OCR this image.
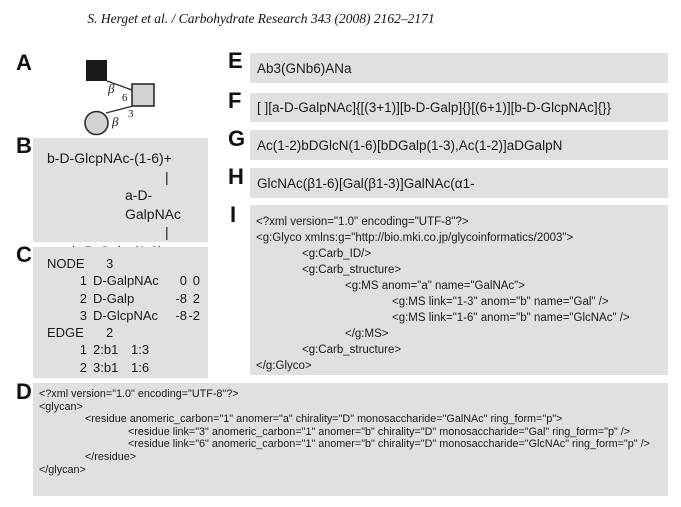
S. Herget et al. / Carbohydrate Research 343 (2008) 2162–2171
A
β
6
3
β
B	b-D-GlcpNAc-(1-6)+
|
a-D-GalpNAc
|
C NODE	3
1 D-GalpNAc	0 0
2 D-Galp	-8 2
3 D-GlcpNAc	-8 -2
EDGE	2
1 2:b1 1:3
2 3:b1 1:6
D <?xml version="1.0" encoding="UTF-8"?>
<glycan>
<residue anomeric_carbon="1" anomer="a" chirality="D" monosaccharide="GalNAc" ring_form="p">
<residue link="3" anomeric_carbon="1" anomer="b" chirality="D" monosaccharide="Gal" ring_form="p" />
<residue link="6" anomeric_carbon="1" anomer="b" chirality="D" monosaccharide="GlcNAc" ring_form="p" />
</residue>
</glycan>
E Ab3(GNb6)ANa
F [ ][a-D-GalpNAc]{[(3+1)][b-D-Galp]{}[(6+1)][b-D-GlcpNAc]{}}
G Ac(1-2)bDGlcN(1-6)[bDGalp(1-3),Ac(1-2)]aDGalpN
H GlcNAc(β1-6)[Gal(β1-3)]GalNAc(α1-
I <?xml version="1.0" encoding="UTF-8"?>
<g:Glyco xmlns:g="http://bio.mki.co.jp/glycoinformatics/2003">
<g:Carb_ID/>
<g:Carb_structure>
<g:MS anom="a" name="GalNAc">
<g:MS link="1-3" anom="b" name="Gal" />
<g:MS link="1-6" anom="b" name="GlcNAc" />
</g:MS>
<g:Carb_structure>
</g:Glyco>
